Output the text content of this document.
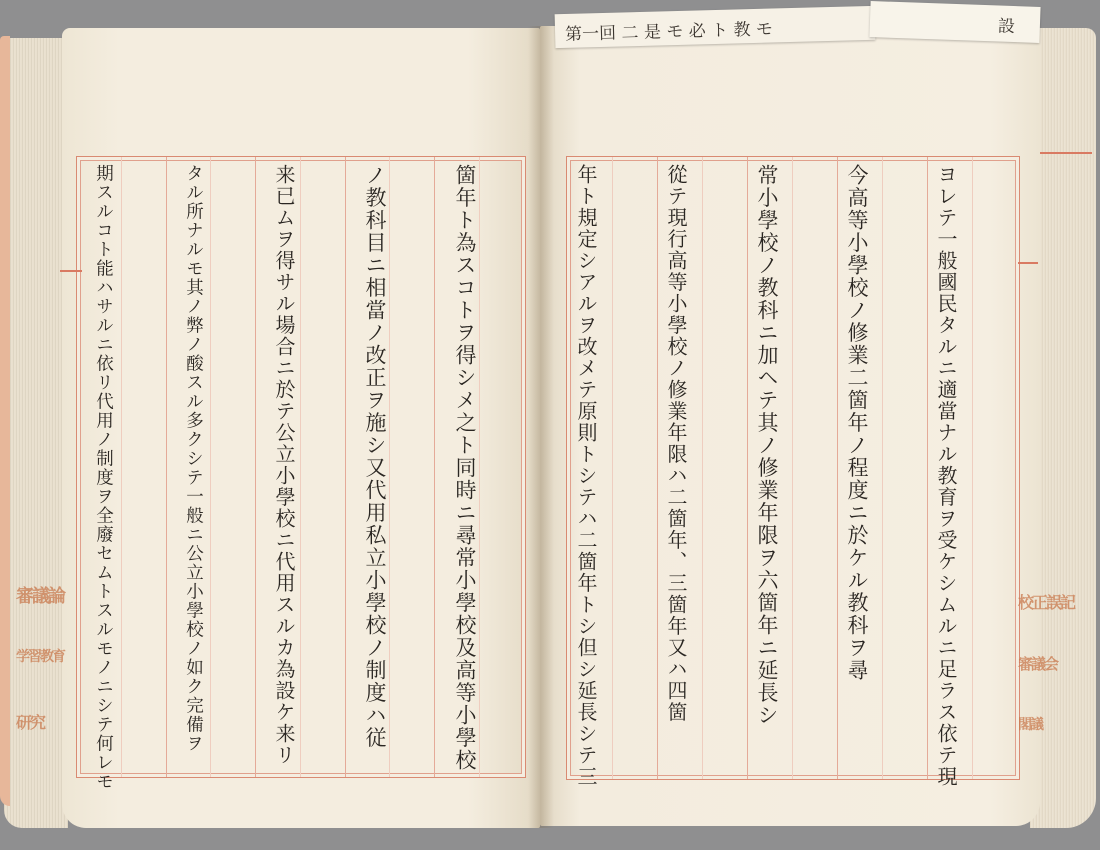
箇年ト為スコトヲ得シメ之ト同時ニ尋常小學校及高等小學校
ノ教科目ニ相當ノ改正ヲ施シ又代用私立小學校ノ制度ハ従
来已ムヲ得サル場合ニ於テ公立小學校ニ代用スルカ為設ケ来リ
タル所ナルモ其ノ弊ノ酸スル多クシテ一般ニ公立小學校ノ如ク完備ヲ
期スルコト能ハサルニ依リ代用ノ制度ヲ全廢セムトスルモノニシテ何レモ	ヨレテ一般國民タルニ適當ナル教育ヲ受ケシムルニ足ラス依テ現
今高等小學校ノ修業二箇年ノ程度ニ於ケル教科ヲ尋
常小學校ノ教科ニ加ヘテ其ノ修業年限ヲ六箇年ニ延長シ
從テ現行高等小學校ノ修業年限ハ二箇年、三箇年又ハ四箇
年ト規定シアルヲ改メテ原則トシテハ二箇年トシ但シ延長シテ三
第一回 二 是 モ 必 ト 教 モ	設
審議論
学習教育
研究
校正誤記
審議会
閣議
